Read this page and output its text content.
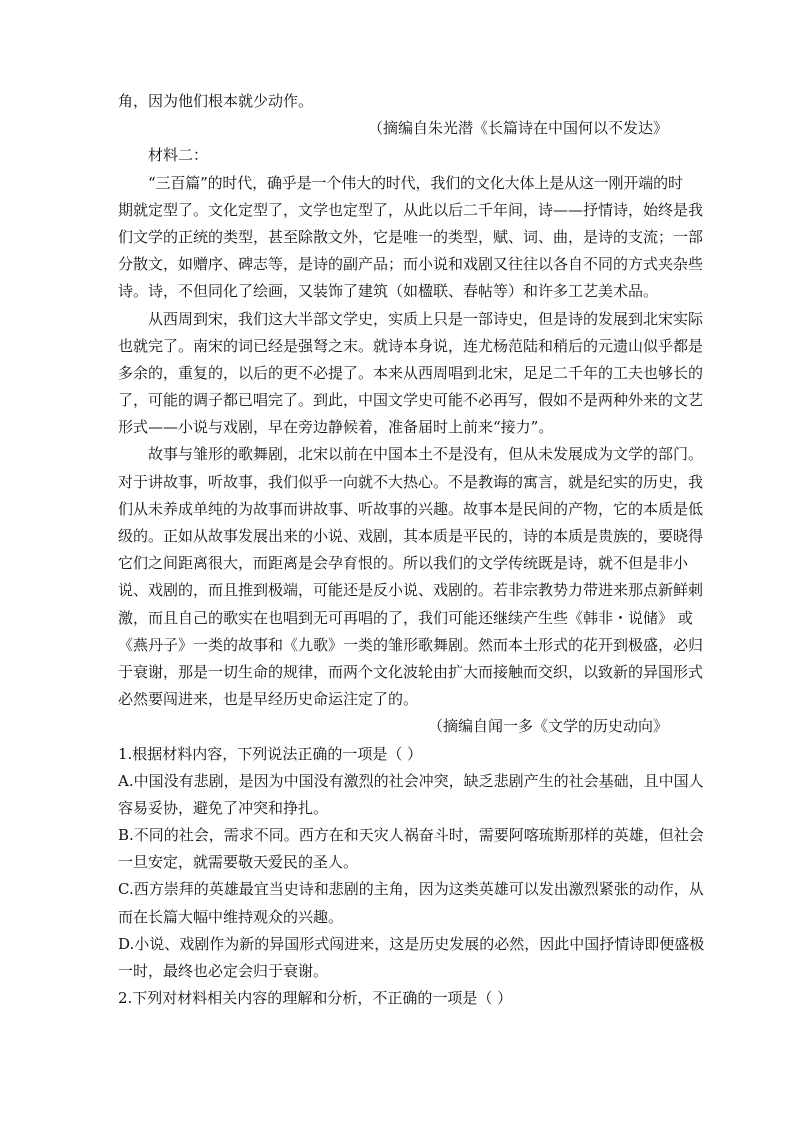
角，因为他们根本就少动作。
（摘编自朱光潜《长篇诗在中国何以不发达》
材料二：
“三百篇”的时代，确乎是一个伟大的时代，我们的文化大体上是从这一刚开端的时
期就定型了。文化定型了，文学也定型了，从此以后二千年间，诗——抒情诗，始终是我
们文学的正统的类型，甚至除散文外，它是唯一的类型，赋、词、曲，是诗的支流；一部
分散文，如赠序、碑志等，是诗的副产品；而小说和戏剧又往往以各自不同的方式夹杂些
诗。诗，不但同化了绘画，又装饰了建筑（如楹联、春帖等）和许多工艺美术品。
从西周到宋，我们这大半部文学史，实质上只是一部诗史，但是诗的发展到北宋实际
也就完了。南宋的词已经是强弩之末。就诗本身说，连尤杨范陆和稍后的元遗山似乎都是
多余的，重复的，以后的更不必提了。本来从西周唱到北宋，足足二千年的工夫也够长的
了，可能的调子都已唱完了。到此，中国文学史可能不必再写，假如不是两种外来的文艺
形式——小说与戏剧，早在旁边静候着，准备届时上前来“接力”。
故事与雏形的歌舞剧，北宋以前在中国本土不是没有，但从未发展成为文学的部门。
对于讲故事，听故事，我们似乎一向就不大热心。不是教诲的寓言，就是纪实的历史，我
们从未养成单纯的为故事而讲故事、听故事的兴趣。故事本是民间的产物，它的本质是低
级的。正如从故事发展出来的小说、戏剧，其本质是平民的，诗的本质是贵族的，要晓得
它们之间距离很大，而距离是会孕育恨的。所以我们的文学传统既是诗，就不但是非小
说、戏剧的，而且推到极端，可能还是反小说、戏剧的。若非宗教势力带进来那点新鲜刺
激，而且自己的歌实在也唱到无可再唱的了，我们可能还继续产生些《韩非・说储》 或
《燕丹子》一类的故事和《九歌》一类的雏形歌舞剧。然而本土形式的花开到极盛，必归
于衰谢，那是一切生命的规律，而两个文化波轮由扩大而接触而交织，以致新的异国形式
必然要闯进来，也是早经历史命运注定了的。
（摘编自闻一多《文学的历史动向》
1.根据材料内容，下列说法正确的一项是（ ）
A.中国没有悲剧，是因为中国没有激烈的社会冲突，缺乏悲剧产生的社会基础，且中国人
容易妥协，避免了冲突和挣扎。
B.不同的社会，需求不同。西方在和天灾人祸奋斗时，需要阿喀琉斯那样的英雄，但社会
一旦安定，就需要敬天爱民的圣人。
C.西方崇拜的英雄最宜当史诗和悲剧的主角，因为这类英雄可以发出激烈紧张的动作，从
而在长篇大幅中维持观众的兴趣。
D.小说、戏剧作为新的异国形式闯进来，这是历史发展的必然，因此中国抒情诗即便盛极
一时，最终也必定会归于衰谢。
2.下列对材料相关内容的理解和分析，不正确的一项是（ ）
